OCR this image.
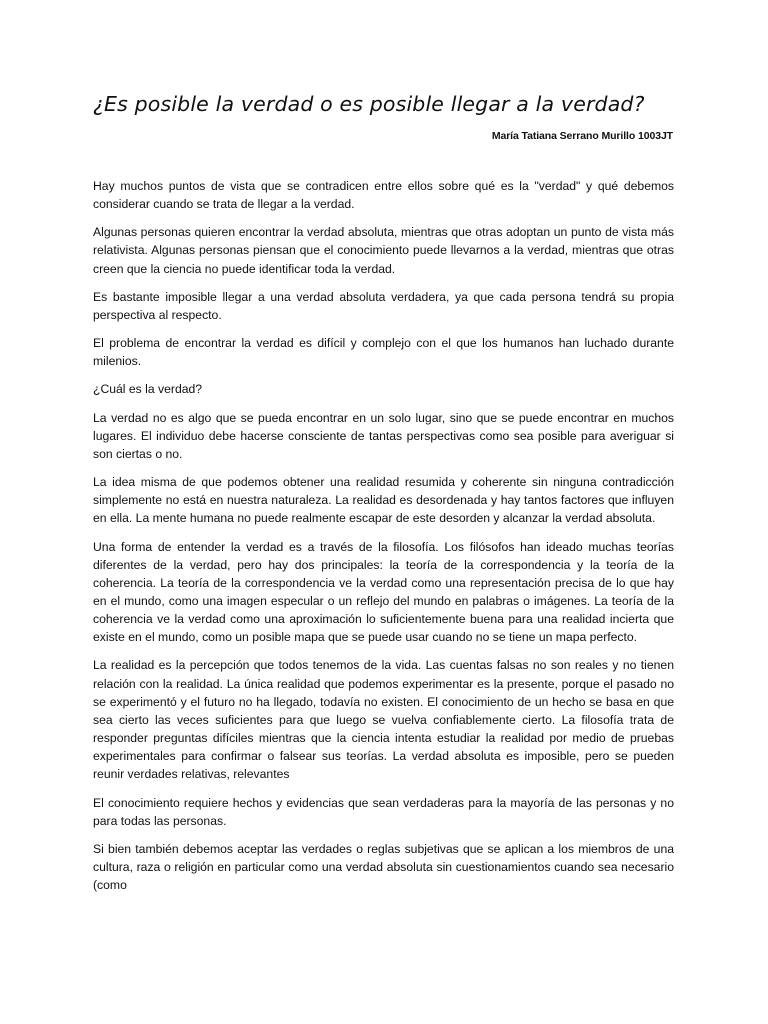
¿Es posible la verdad o es posible llegar a la verdad?
María Tatiana Serrano Murillo 1003JT

Hay muchos puntos de vista que se contradicen entre ellos sobre qué es la "verdad" y qué debemos considerar cuando se trata de llegar a la verdad.

Algunas personas quieren encontrar la verdad absoluta, mientras que otras adoptan un punto de vista más relativista. Algunas personas piensan que el conocimiento puede llevarnos a la verdad, mientras que otras creen que la ciencia no puede identificar toda la verdad.

Es bastante imposible llegar a una verdad absoluta verdadera, ya que cada persona tendrá su propia perspectiva al respecto.

El problema de encontrar la verdad es difícil y complejo con el que los humanos han luchado durante milenios.

¿Cuál es la verdad?

La verdad no es algo que se pueda encontrar en un solo lugar, sino que se puede encontrar en muchos lugares. El individuo debe hacerse consciente de tantas perspectivas como sea posible para averiguar si son ciertas o no.

La idea misma de que podemos obtener una realidad resumida y coherente sin ninguna contradicción simplemente no está en nuestra naturaleza. La realidad es desordenada y hay tantos factores que influyen en ella. La mente humana no puede realmente escapar de este desorden y alcanzar la verdad absoluta.

Una forma de entender la verdad es a través de la filosofía. Los filósofos han ideado muchas teorías diferentes de la verdad, pero hay dos principales: la teoría de la correspondencia y la teoría de la coherencia. La teoría de la correspondencia ve la verdad como una representación precisa de lo que hay en el mundo, como una imagen especular o un reflejo del mundo en palabras o imágenes. La teoría de la coherencia ve la verdad como una aproximación lo suficientemente buena para una realidad incierta que existe en el mundo, como un posible mapa que se puede usar cuando no se tiene un mapa perfecto.

La realidad es la percepción que todos tenemos de la vida. Las cuentas falsas no son reales y no tienen relación con la realidad. La única realidad que podemos experimentar es la presente, porque el pasado no se experimentó y el futuro no ha llegado, todavía no existen. El conocimiento de un hecho se basa en que sea cierto las veces suficientes para que luego se vuelva confiablemente cierto. La filosofía trata de responder preguntas difíciles mientras que la ciencia intenta estudiar la realidad por medio de pruebas experimentales para confirmar o falsear sus teorías. La verdad absoluta es imposible, pero se pueden reunir verdades relativas, relevantes

El conocimiento requiere hechos y evidencias que sean verdaderas para la mayoría de las personas y no para todas las personas.

Si bien también debemos aceptar las verdades o reglas subjetivas que se aplican a los miembros de una cultura, raza o religión en particular como una verdad absoluta sin cuestionamientos cuando sea necesario (como
